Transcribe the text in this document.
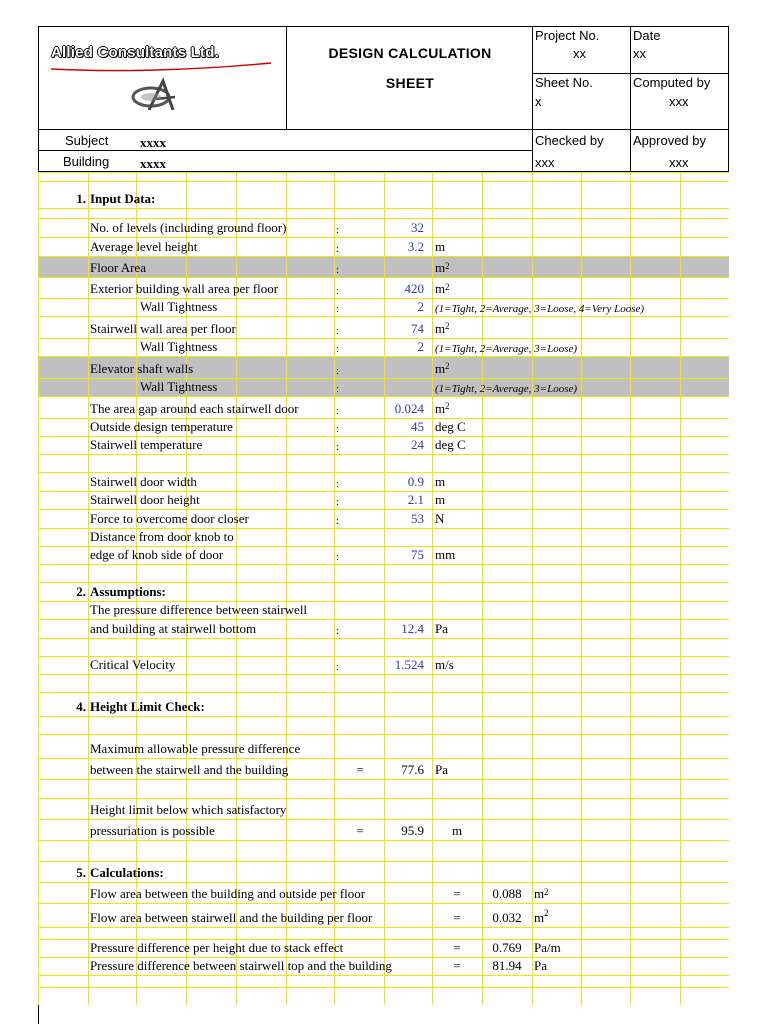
Allied Consultants Ltd.	DESIGN CALCULATION
SHEET
Project No.
xx
Date
xx
Sheet No.
x
Computed by
xxx
Subject xxxx
Building xxxx
Checked by
xxx
Approved by
xxx
1. Input Data:
No. of levels (including ground floor)	:	32
Average level height	:	3.2 m
Floor Area	:	m 2
Exterior building wall area per floor	:	420 m 2
Wall Tightness	:	2 (1=Tight, 2=Average, 3=Loose, 4=Very Loose)
Stairwell wall area per floor	:	74 m 2
Wall Tightness	:	2 (1=Tight, 2=Average, 3=Loose)
Elevator shaft walls	:	m 2
Wall Tightness	:	(1=Tight, 2=Average, 3=Loose)
The area gap around each stairwell door	:	0.024 m 2
Outside design temperature	:	45 deg C
Stairwell temperature	:	24 deg C
Stairwell door width	:	0.9 m
Stairwell door height	:	2.1 m
Force to overcome door closer	:	53 N
Distance from door knob to
edge of knob side of door	:	75 mm
2. Assumptions:
The pressure difference between stairwell
and building at stairwell bottom	:	12.4 Pa
Critical Velocity	:	1.524 m/s
4. Height Limit Check:
Maximum allowable pressure difference
between the stairwell and the building	=	77.6 Pa
Height limit below which satisfactory
pressuriation is possible	=	95.9	m
5. Calculations:
Flow area between the building and outside per floor	=	0.088 m 2
Flow area between stairwell and the building per floor	=	0.032 m 2
Pressure difference per height due to stack effect	=	0.769 Pa/m
Pressure difference between stairwell top and the building	=	81.94 Pa
